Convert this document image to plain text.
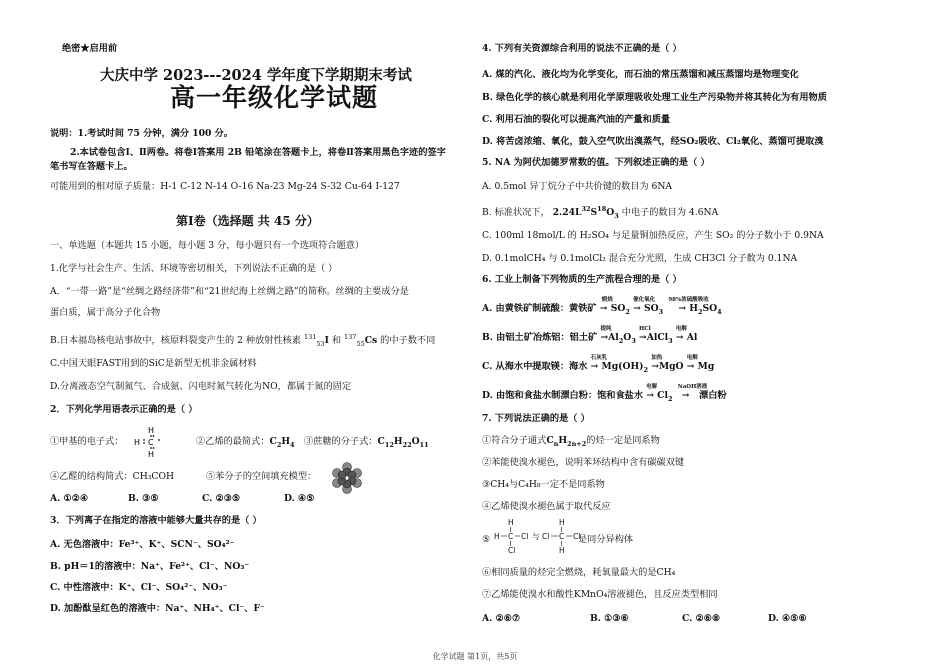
绝密★启用前
大庆中学 2023---2024 学年度下学期期末考试
高一年级化学试题
说明：1.考试时间 75 分钟，满分 100 分。
2.本试卷包含Ⅰ、Ⅱ两卷。将卷Ⅰ答案用 2B 铅笔涂在答题卡上，将卷Ⅱ答案用黑色字迹的签字
笔书写在答题卡上。
可能用到的相对原子质量：H-1 C-12 N-14 O-16 Na-23 Mg-24 S-32 Cu-64 I-127
第Ⅰ卷（选择题 共 45 分）
一、单选题（本题共 15 小题，每小题 3 分，每小题只有一个选项符合题意）
1.化学与社会生产、生活、环境等密切相关，下列说法不正确的是（ ）
A．“一带一路”是“丝绸之路经济带”和“21世纪海上丝绸之路”的简称。丝绸的主要成分是
蛋白质，属于高分子化合物
B.日本福岛核电站事故中，核原料裂变产生的 2 种放射性核素 $^{131}_{53}$I 和 $^{137}_{55}$Cs 的中子数不同
C.中国天眼FAST用到的SiC是新型无机非金属材料
D.分离液态空气制氮气、合成氨、闪电时氮气转化为NO，都属于氮的固定
2．下列化学用语表示正确的是（ ）
①甲基的电子式：
H
C
H
H
②乙烯的最简式：$C_2H_4$ ③蔗糖的分子式：$C_{12}H_{22}O_{11}$
④乙醛的结构简式：CH₃COH	⑤苯分子的空间填充模型：
A. ①②④	B. ③⑤	C. ②③⑤	D. ④⑤
3．下列离子在指定的溶液中能够大量共存的是（ ）
A. 无色溶液中：Fe³⁺、K⁺、SCN⁻、SO₄²⁻
B. pH＝1的溶液中：Na⁺、Fe²⁺、Cl⁻、NO₃⁻
C. 中性溶液中：K⁺、Cl⁻、SO₄²⁻、NO₃⁻
D. 加酚酞呈红色的溶液中：Na⁺、NH₄⁺、Cl⁻、F⁻
4. 下列有关资源综合利用的说法不正确的是（ ）
A. 煤的汽化、液化均为化学变化，而石油的常压蒸馏和减压蒸馏均是物理变化
B. 绿色化学的核心就是利用化学原理吸收处理工业生产污染物并将其转化为有用物质
C. 利用石油的裂化可以提高汽油的产量和质量
D. 将苦卤浓缩、氧化，鼓入空气吹出溴蒸气，经SO₂吸收、Cl₂氧化、蒸馏可提取溴
5. NA 为阿伏加德罗常数的值。下列叙述正确的是（ ）
A. 0.5mol 异丁烷分子中共价键的数目为 6NA
B. 标准状况下， $2.24L^{32}S^{18}O_3$ 中电子的数目为 4.6NA
C. 100ml 18mol/L 的 H₂SO₄ 与足量铜加热反应，产生 SO₂ 的分子数小于 0.9NA
D. 0.1molCH₄ 与 0.1molCl₂ 混合充分光照，生成 CH3Cl 分子数为 0.1NA
6. 工业上制备下列物质的生产流程合理的是（ ）
A. 由黄铁矿制硫酸：黄铁矿
煅烧
→ $SO_2$
催化氧化
→ $SO_3$
98%浓硫酸吸收
→ $H_2SO_4$
B. 由铝土矿冶炼铝：铝土矿
提纯
$\to Al_2O_3$
HCl
→AlCl$_3$
电解
→ Al
C. 从海水中提取镁：海水
石灰乳
→ $Mg(OH)_2$
加热
→MgO
电解
→ Mg
D. 由饱和食盐水制漂白粉：饱和食盐水
电解
→ $Cl_2$
NaOH溶液
→   漂白粉
7. 下列说法正确的是（ ）
①符合分子通式$C_nH_{2n+2}$的烃一定是同系物
②苯能使溴水褪色，说明苯环结构中含有碳碳双键
③CH₄与C₄H₈一定不是同系物
④乙烯使溴水褪色属于取代反应
⑤
H
H C Cl
Cl
与
H
Cl C Cl
H
是同分异构体
⑥相同质量的烃完全燃烧，耗氧量最大的是CH₄
⑦乙烯能使溴水和酸性KMnO₄溶液褪色，且反应类型相同
A. ②⑥⑦	B. ①③⑥	C. ②⑥⑧	D. ④⑤⑥
化学试题 第1页，共5页
